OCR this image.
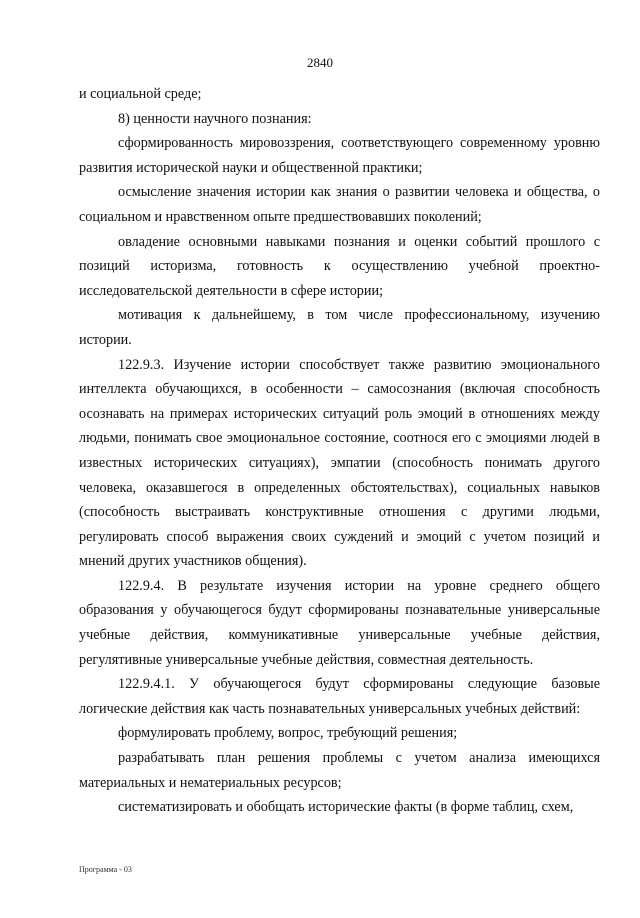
2840

и социальной среде;

8) ценности научного познания:

сформированность мировоззрения, соответствующего современному уровню развития исторической науки и общественной практики;

осмысление значения истории как знания о развитии человека и общества, о социальном и нравственном опыте предшествовавших поколений;

овладение основными навыками познания и оценки событий прошлого с позиций историзма, готовность к осуществлению учебной проектно-исследовательской деятельности в сфере истории;

мотивация к дальнейшему, в том числе профессиональному, изучению истории.

122.9.3. Изучение истории способствует также развитию эмоционального интеллекта обучающихся, в особенности – самосознания (включая способность осознавать на примерах исторических ситуаций роль эмоций в отношениях между людьми, понимать свое эмоциональное состояние, соотнося его с эмоциями людей в известных исторических ситуациях), эмпатии (способность понимать другого человека, оказавшегося в определенных обстоятельствах), социальных навыков (способность выстраивать конструктивные отношения с другими людьми, регулировать способ выражения своих суждений и эмоций с учетом позиций и мнений других участников общения).

122.9.4. В результате изучения истории на уровне среднего общего образования у обучающегося будут сформированы познавательные универсальные учебные действия, коммуникативные универсальные учебные действия, регулятивные универсальные учебные действия, совместная деятельность.

122.9.4.1. У обучающегося будут сформированы следующие базовые логические действия как часть познавательных универсальных учебных действий:

формулировать проблему, вопрос, требующий решения;

разрабатывать план решения проблемы с учетом анализа имеющихся материальных и нематериальных ресурсов;

систематизировать и обобщать исторические факты (в форме таблиц, схем,

Программа - 03
